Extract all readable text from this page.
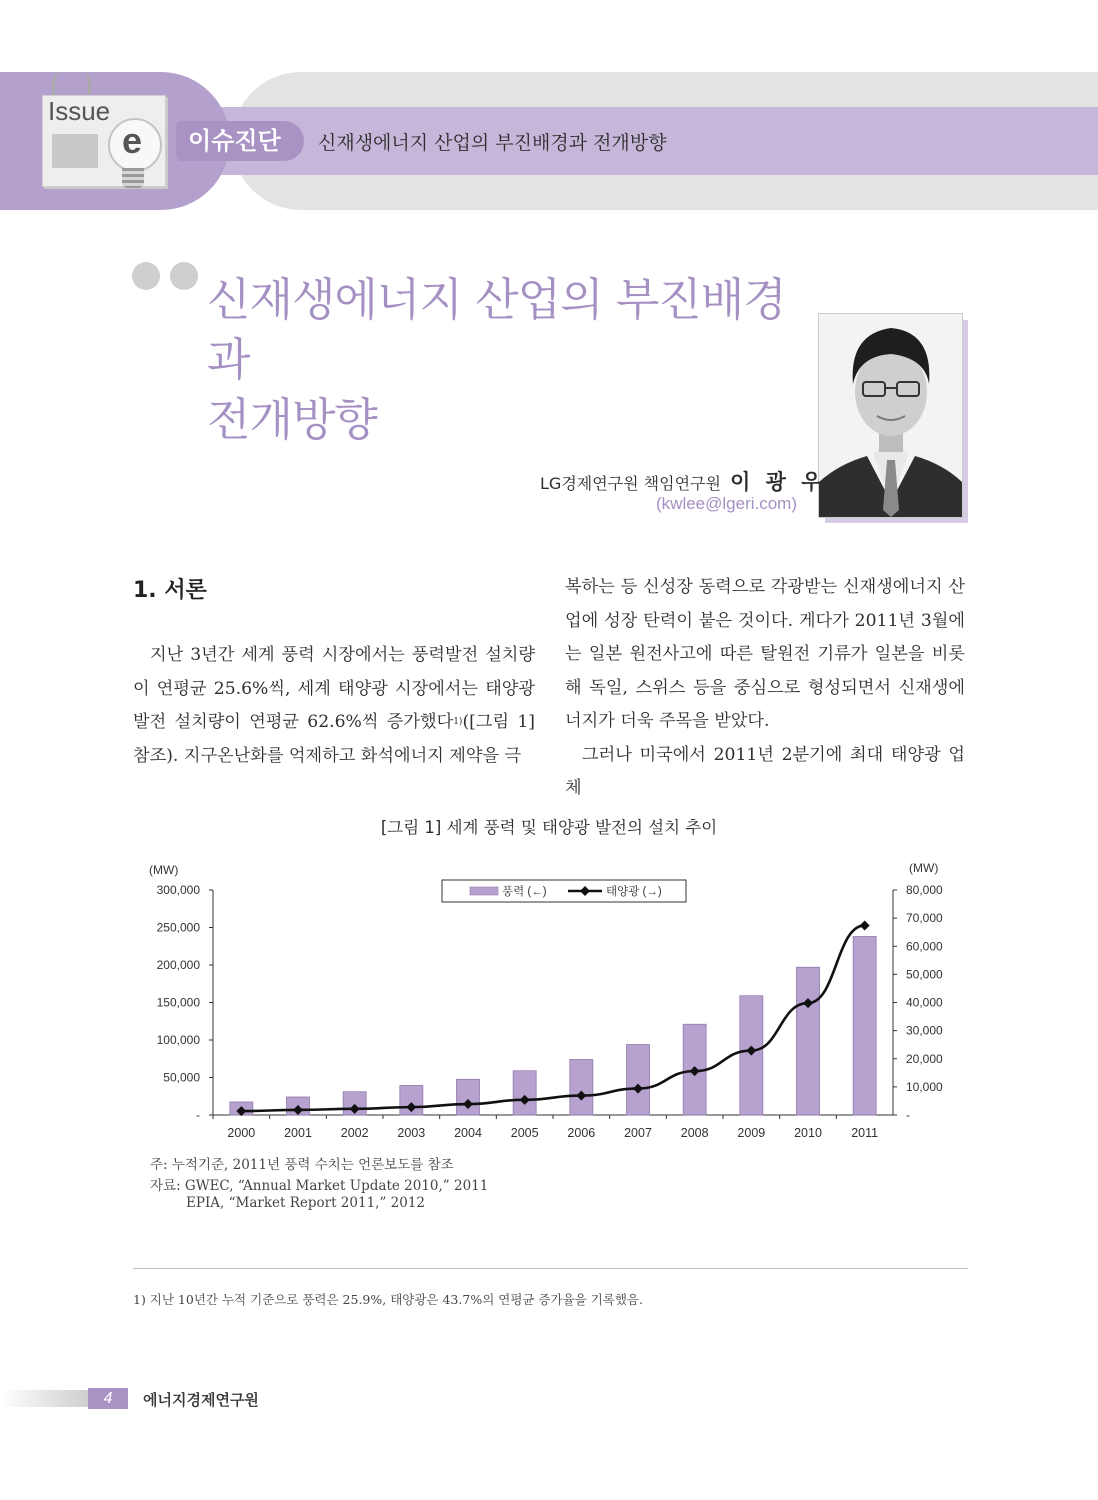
Issue
e	이슈진단	신재생에너지 산업의 부진배경과 전개방향
신재생에너지 산업의 부진배경과
전개방향
LG경제연구원 책임연구원 이 광 우
(kwlee@lgeri.com)
1. 서론

지난 3년간 세계 풍력 시장에서는 풍력발전 설치량이 연평균 25.6%씩, 세계 태양광 시장에서는 태양광 발전 설치량이 연평균 62.6%씩 증가했다$^{1)}$([그림 1] 참조). 지구온난화를 억제하고 화석에너지 제약을 극

복하는 등 신성장 동력으로 각광받는 신재생에너지 산업에 성장 탄력이 붙은 것이다. 게다가 2011년 3월에는 일본 원전사고에 따른 탈원전 기류가 일본을 비롯해 독일, 스위스 등을 중심으로 형성되면서 신재생에너지가 더욱 주목을 받았다.

그러나 미국에서 2011년 2분기에 최대 태양광 업체

[그림 1] 세계 풍력 및 태양광 발전의 설치 추이
-
50,000
100,000
150,000
200,000
250,000
300,000
-
10,000
20,000
30,000
40,000
50,000
60,000
70,000
80,000
(MW)	(MW)
2000 2001 2002 2003 2004 2005 2006 2007 2008 2009 2010 2011
풍력 (←)	태양광 (→)
주: 누적기준, 2011년 풍력 수치는 언론보도를 참조
자료: GWEC, “Annual Market Update 2010,” 2011
EPIA, “Market Report 2011,” 2012
1) 지난 10년간 누적 기준으로 풍력은 25.9%, 태양광은 43.7%의 연평균 증가율을 기록했음.
4	에너지경제연구원
